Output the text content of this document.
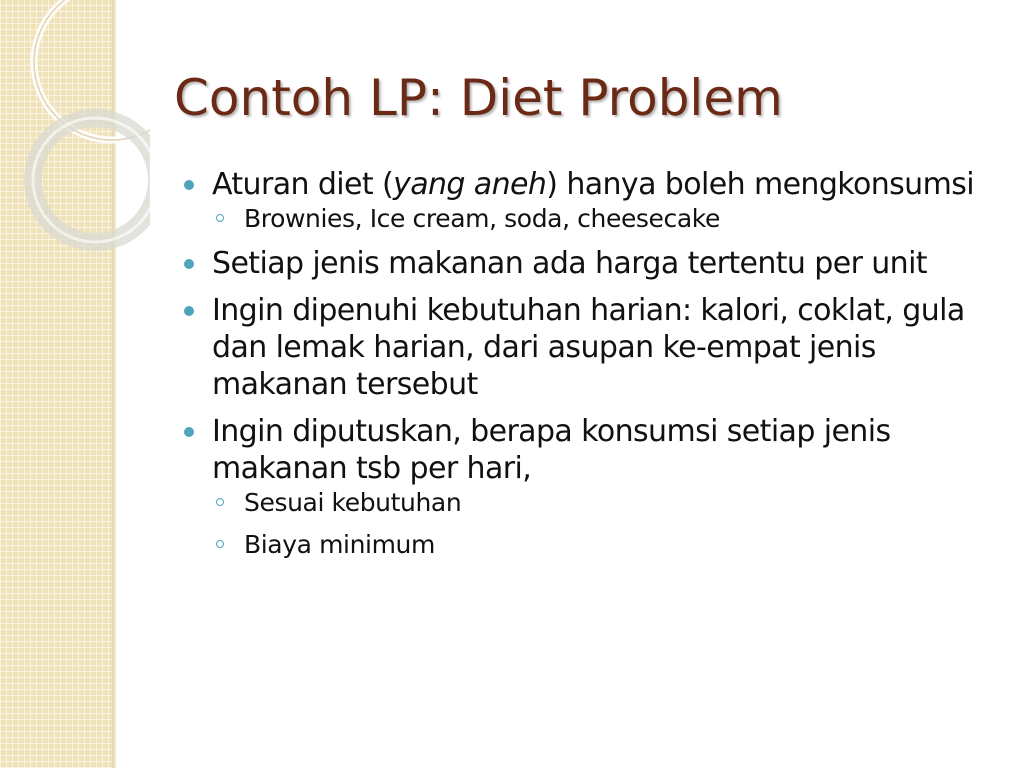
Contoh LP: Diet Problem
Aturan diet (yang aneh) hanya boleh mengkonsumsi
Brownies, Ice cream, soda, cheesecake
Setiap jenis makanan ada harga tertentu per unit
Ingin dipenuhi kebutuhan harian: kalori, coklat, gula dan lemak harian, dari asupan ke-empat jenis makanan tersebut
Ingin diputuskan, berapa konsumsi setiap jenis makanan tsb per hari,
Sesuai kebutuhan
Biaya minimum
